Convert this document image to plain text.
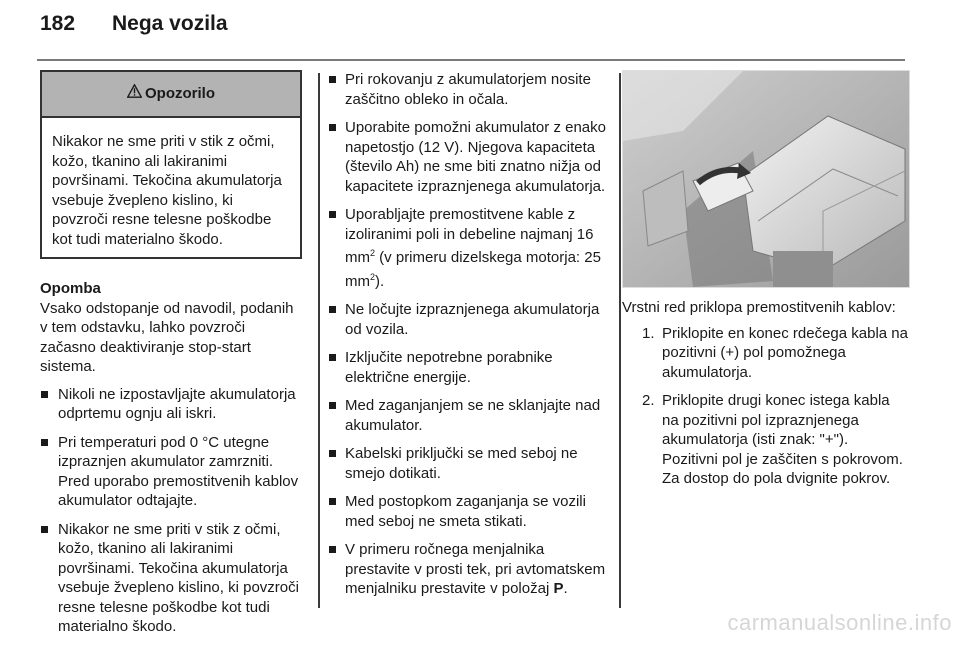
182	Nega vozila
Opozorilo
Nikakor ne sme priti v stik z očmi, kožo, tkanino ali lakiranimi površinami. Tekočina akumulatorja vsebuje žvepleno kislino, ki povzroči resne telesne poškodbe kot tudi materialno škodo.
Opomba
Vsako odstopanje od navodil, podanih v tem odstavku, lahko povzroči začasno deaktiviranje stop-start sistema.
Nikoli ne izpostavljajte akumulatorja odprtemu ognju ali iskri.
Pri temperaturi pod 0 °C utegne izpraznjen akumulator zamrzniti. Pred uporabo premostitvenih kablov akumulator odtajajte.
Nikakor ne sme priti v stik z očmi, kožo, tkanino ali lakiranimi površinami. Tekočina akumulatorja vsebuje žvepleno kislino, ki povzroči resne telesne poškodbe kot tudi materialno škodo.
Pri rokovanju z akumulatorjem nosite zaščitno obleko in očala.
Uporabite pomožni akumulator z enako napetostjo (12 V). Njegova kapaciteta (število Ah) ne sme biti znatno nižja od kapacitete izpraznjenega akumulatorja.
Uporabljajte premostitvene kable z izoliranimi poli in debeline najmanj 16 $mm^2$ (v primeru dizelskega motorja: 25 $mm^2$).
Ne ločujte izpraznjenega akumulatorja od vozila.
Izključite nepotrebne porabnike električne energije.
Med zaganjanjem se ne sklanjajte nad akumulator.
Kabelski priključki se med seboj ne smejo dotikati.
Med postopkom zaganjanja se vozili med seboj ne smeta stikati.
V primeru ročnega menjalnika prestavite v prosti tek, pri avtomatskem menjalniku prestavite v položaj P.
Vrstni red priklopa premostitvenih kablov:
1. Priklopite en konec rdečega kabla na pozitivni (+) pol pomožnega akumulatorja.
2. Priklopite drugi konec istega kabla na pozitivni pol izpraznjenega akumulatorja (isti znak: "+"). Pozitivni pol je zaščiten s pokrovom. Za dostop do pola dvignite pokrov.
carmanualsonline.info
